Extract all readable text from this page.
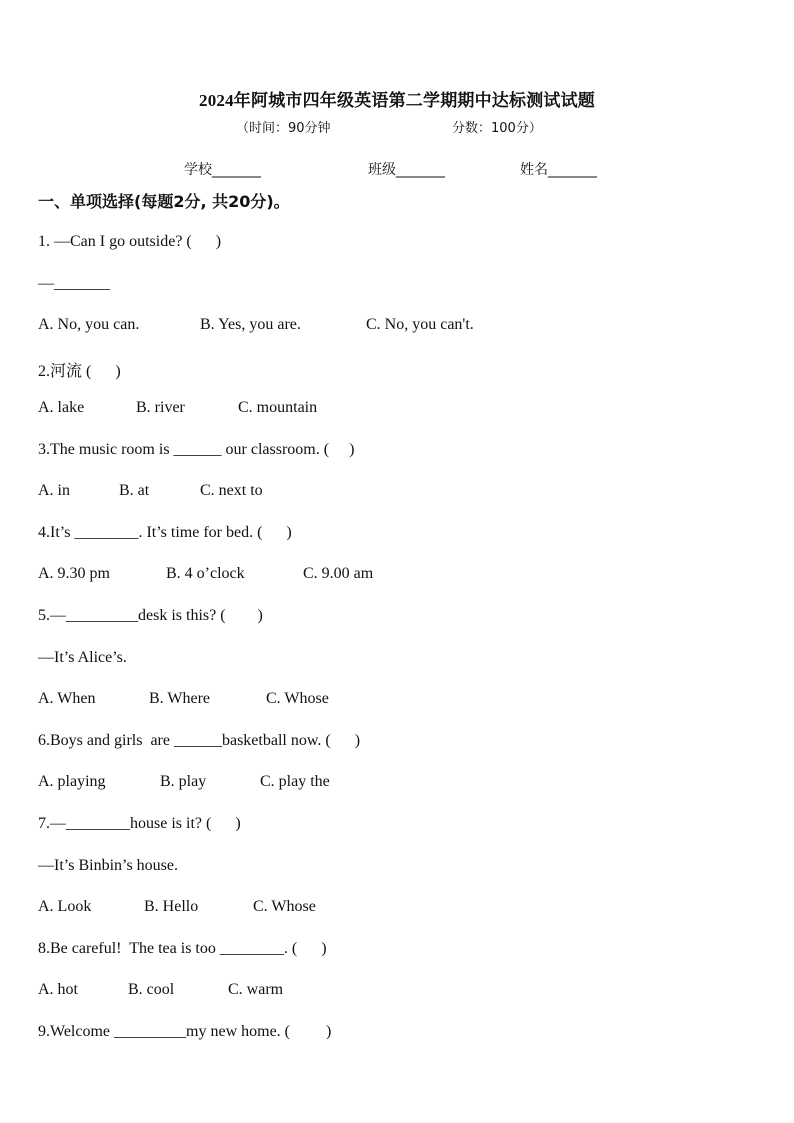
2024年阿城市四年级英语第二学期期中达标测试试题
（时间：90分钟	分数：100分）
学校_______	班级_______	姓名_______
一、单项选择(每题2分, 共20分)。
1. —Can I go outside? (      )
—_______
A. No, you can.	B. Yes, you are.	C. No, you can't.
2.河流 (      )
A. lake	B. river	C. mountain
3.The music room is ______ our classroom. (     )
A. in	B. at	C. next to
4.It’s ________. It’s time for bed. (      )
A. 9.30 pm	B. 4 o’clock	C. 9.00 am
5.—_________desk is this? (        )
—It’s Alice’s.
A. When	B. Where	C. Whose
6.Boys and girls  are ______basketball now. (      )
A. playing	B. play	C. play the
7.—________house is it? (      )
—It’s Binbin’s house.
A. Look	B. Hello	C. Whose
8.Be careful!  The tea is too ________. (      )
A. hot	B. cool	C. warm
9.Welcome _________my new home. (         )
